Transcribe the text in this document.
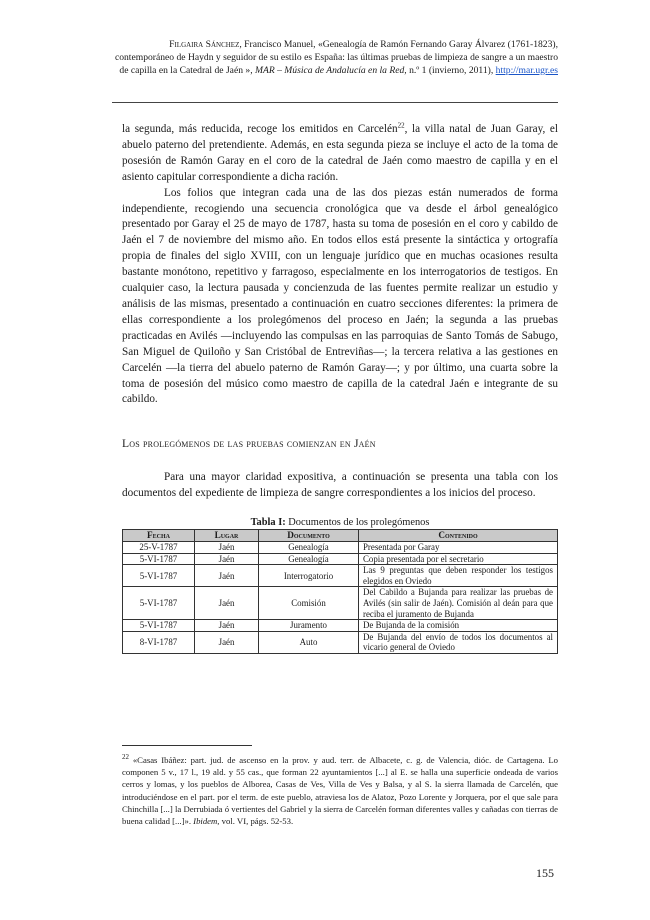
Filgaira Sánchez, Francisco Manuel, «Genealogía de Ramón Fernando Garay Álvarez (1761-1823), contemporáneo de Haydn y seguidor de su estilo es España: las últimas pruebas de limpieza de sangre a un maestro de capilla en la Catedral de Jaén », MAR – Música de Andalucía en la Red, n.º 1 (invierno, 2011), http://mar.ugr.es

la segunda, más reducida, recoge los emitidos en Carcelén$^{22}$, la villa natal de Juan Garay, el abuelo paterno del pretendiente. Además, en esta segunda pieza se incluye el acto de la toma de posesión de Ramón Garay en el coro de la catedral de Jaén como maestro de capilla y en el asiento capitular correspondiente a dicha ración.

Los folios que integran cada una de las dos piezas están numerados de forma independiente, recogiendo una secuencia cronológica que va desde el árbol genealógico presentado por Garay el 25 de mayo de 1787, hasta su toma de posesión en el coro y cabildo de Jaén el 7 de noviembre del mismo año. En todos ellos está presente la sintáctica y ortografía propia de finales del siglo XVIII, con un lenguaje jurídico que en muchas ocasiones resulta bastante monótono, repetitivo y farragoso, especialmente en los interrogatorios de testigos. En cualquier caso, la lectura pausada y concienzuda de las fuentes permite realizar un estudio y análisis de las mismas, presentado a continuación en cuatro secciones diferentes: la primera de ellas correspondiente a los prolegómenos del proceso en Jaén; la segunda a las pruebas practicadas en Avilés —incluyendo las compulsas en las parroquias de Santo Tomás de Sabugo, San Miguel de Quiloño y San Cristóbal de Entreviñas—; la tercera relativa a las gestiones en Carcelén —la tierra del abuelo paterno de Ramón Garay—; y por último, una cuarta sobre la toma de posesión del músico como maestro de capilla de la catedral Jaén e integrante de su cabildo.

Los prolegómenos de las pruebas comienzan en Jaén

Para una mayor claridad expositiva, a continuación se presenta una tabla con los documentos del expediente de limpieza de sangre correspondientes a los inicios del proceso.

Tabla I: Documentos de los prolegómenos
Fecha	Lugar	Documento	Contenido
25-V-1787	Jaén	Genealogía	Presentada por Garay
5-VI-1787	Jaén	Genealogía	Copia presentada por el secretario
5-VI-1787	Jaén	Interrogatorio	Las 9 preguntas que deben responder los testigos elegidos en Oviedo
5-VI-1787	Jaén	Comisión	Del Cabildo a Bujanda para realizar las pruebas de Avilés (sin salir de Jaén). Comisión al deán para que reciba el juramento de Bujanda
5-VI-1787	Jaén	Juramento	De Bujanda de la comisión
8-VI-1787	Jaén	Auto	De Bujanda del envío de todos los documentos al vicario general de Oviedo
$^{22}$ «Casas Ibáñez: part. jud. de ascenso en la prov. y aud. terr. de Albacete, c. g. de Valencia, dióc. de Cartagena. Lo componen 5 v., 17 l., 19 ald. y 55 cas., que forman 22 ayuntamientos [...] al E. se halla una superficie ondeada de varios cerros y lomas, y los pueblos de Alborea, Casas de Ves, Villa de Ves y Balsa, y al S. la sierra llamada de Carcelén, que introduciéndose en el part. por el term. de este pueblo, atraviesa los de Alatoz, Pozo Lorente y Jorquera, por el que sale para Chinchilla [...] la Derrubiada ó vertientes del Gabriel y la sierra de Carcelén forman diferentes valles y cañadas con tierras de buena calidad [...]». Ibidem, vol. VI, págs. 52-53.
155
